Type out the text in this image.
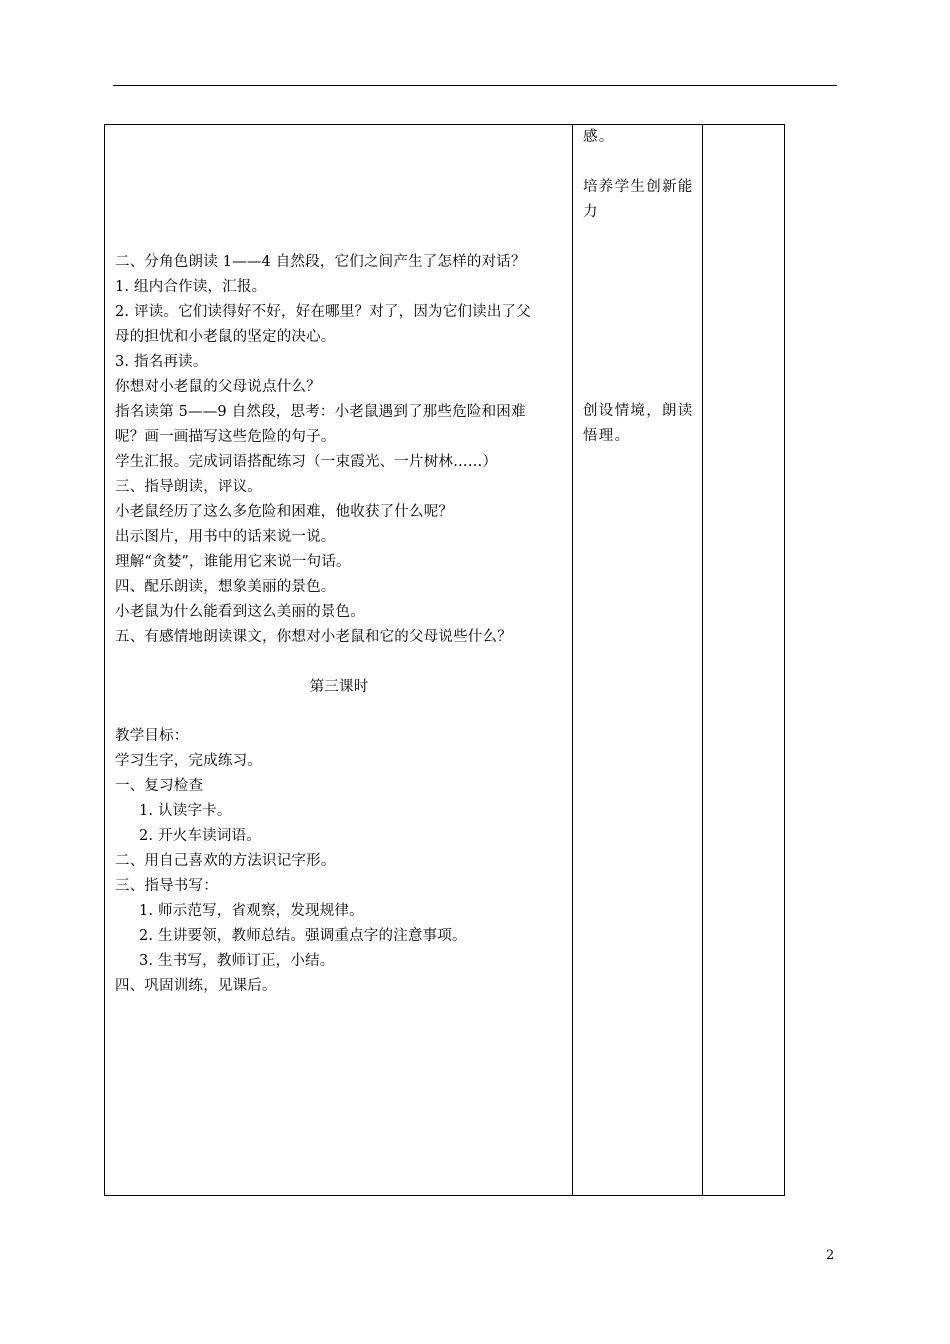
二、分角色朗读 1——4 自然段，它们之间产生了怎样的对话？
1. 组内合作读，汇报。
2. 评读。它们读得好不好，好在哪里？对了，因为它们读出了父
母的担忧和小老鼠的坚定的决心。
3. 指名再读。
你想对小老鼠的父母说点什么？
指名读第 5——9 自然段，思考：小老鼠遇到了那些危险和困难
呢？画一画描写这些危险的句子。
学生汇报。完成词语搭配练习（一束霞光、一片树林……）
三、指导朗读，评议。
小老鼠经历了这么多危险和困难，他收获了什么呢？
出示图片，用书中的话来说一说。
理解“贪婪”，谁能用它来说一句话。
四、配乐朗读，想象美丽的景色。
小老鼠为什么能看到这么美丽的景色。
五、有感情地朗读课文，你想对小老鼠和它的父母说些什么？
第三课时
教学目标：
学习生字，完成练习。
一、复习检查
1. 认读字卡。
2. 开火车读词语。
二、用自己喜欢的方法识记字形。
三、指导书写：
1. 师示范写，省观察，发现规律。
2. 生讲要领，教师总结。强调重点字的注意事项。
3. 生书写，教师订正，小结。
四、巩固训练，见课后。
感。
培养学生创新能力
创设情境，朗读悟理。
2
